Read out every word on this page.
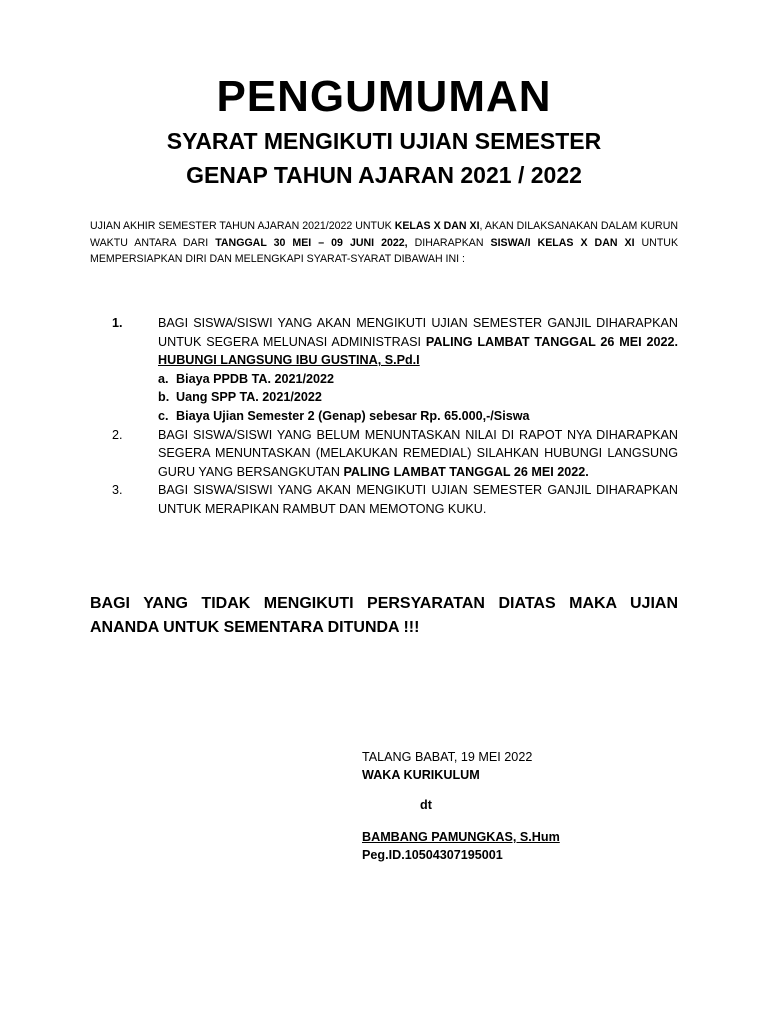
PENGUMUMAN
SYARAT MENGIKUTI UJIAN SEMESTER
GENAP TAHUN AJARAN 2021 / 2022
UJIAN AKHIR SEMESTER TAHUN AJARAN 2021/2022 UNTUK KELAS X DAN XI, AKAN DILAKSANAKAN DALAM KURUN WAKTU ANTARA DARI TANGGAL 30 MEI – 09 JUNI 2022, DIHARAPKAN SISWA/I KELAS X DAN XI UNTUK MEMPERSIAPKAN DIRI DAN MELENGKAPI SYARAT-SYARAT DIBAWAH INI :
1.	BAGI SISWA/SISWI YANG AKAN MENGIKUTI UJIAN SEMESTER GANJIL DIHARAPKAN UNTUK SEGERA MELUNASI ADMINISTRASI PALING LAMBAT TANGGAL 26 MEI 2022. HUBUNGI LANGSUNG IBU GUSTINA, S.Pd.I
a. Biaya PPDB TA. 2021/2022
b. Uang SPP TA. 2021/2022
c. Biaya Ujian Semester 2 (Genap) sebesar Rp. 65.000,-/Siswa
2.	BAGI SISWA/SISWI YANG BELUM MENUNTASKAN NILAI DI RAPOT NYA DIHARAPKAN SEGERA MENUNTASKAN (MELAKUKAN REMEDIAL) SILAHKAN HUBUNGI LANGSUNG GURU YANG BERSANGKUTAN PALING LAMBAT TANGGAL 26 MEI 2022.
3.	BAGI SISWA/SISWI YANG AKAN MENGIKUTI UJIAN SEMESTER GANJIL DIHARAPKAN UNTUK MERAPIKAN RAMBUT DAN MEMOTONG KUKU.
BAGI YANG TIDAK MENGIKUTI PERSYARATAN DIATAS MAKA UJIAN ANANDA UNTUK SEMENTARA DITUNDA !!!
TALANG BABAT, 19 MEI 2022
WAKA KURIKULUM
dt
BAMBANG PAMUNGKAS, S.Hum
Peg.ID.10504307195001
